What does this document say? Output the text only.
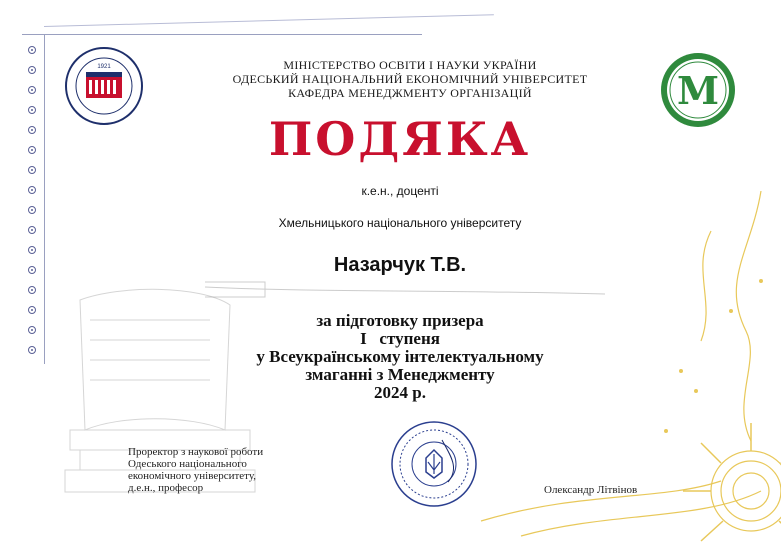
1921
М
МІНІСТЕРСТВО ОСВІТИ І НАУКИ УКРАЇНИ
ОДЕСЬКИЙ НАЦІОНАЛЬНИЙ ЕКОНОМІЧНИЙ УНІВЕРСИТЕТ
КАФЕДРА МЕНЕДЖМЕНТУ ОРГАНІЗАЦІЙ
ПОДЯКА
к.е.н., доценті
Хмельницького національного університету
Назарчук Т.В.
за підготовку призера
І   ступеня
у Всеукраїнському інтелектуальному
змаганні з Менеджменту
2024 р.
Проректор з наукової роботи
Одеського національного
економічного університету,
д.е.н., професор	Олександр Літвінов
